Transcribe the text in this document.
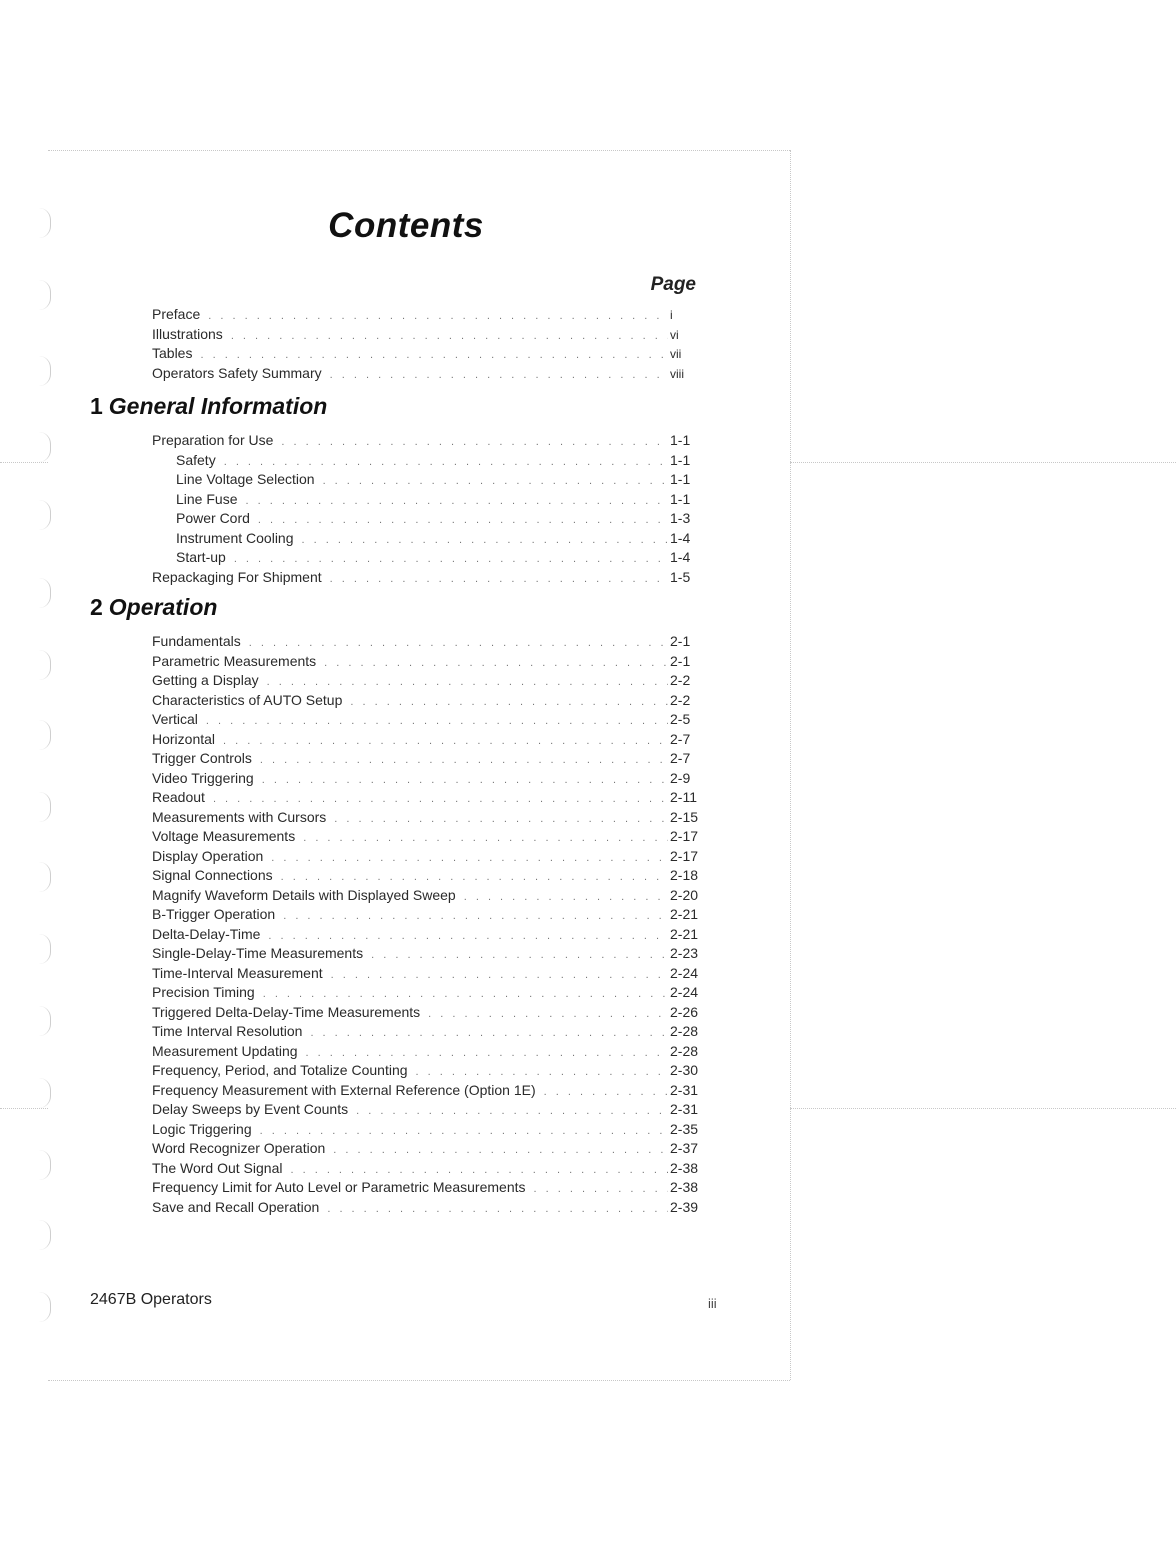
Contents
Page
Preface . . .	i
Illustrations . . .	vi
Tables . . .	vii
Operators Safety Summary . . .	viii
1 General Information
Preparation for Use . . .	1-1
Safety . . .	1-1
Line Voltage Selection . . .	1-1
Line Fuse . . .	1-1
Power Cord . . .	1-3
Instrument Cooling . . .	1-4
Start-up . . .	1-4
Repackaging For Shipment . . .	1-5
2 Operation
Fundamentals . . .	2-1
Parametric Measurements . . .	2-1
Getting a Display . . .	2-2
Characteristics of AUTO Setup . . .	2-2
Vertical . . .	2-5
Horizontal . . .	2-7
Trigger Controls . . .	2-7
Video Triggering . . .	2-9
Readout . . .	2-11
Measurements with Cursors . . .	2-15
Voltage Measurements . . .	2-17
Display Operation . . .	2-17
Signal Connections . . .	2-18
Magnify Waveform Details with Displayed Sweep . . .	2-20
B-Trigger Operation . . .	2-21
Delta-Delay-Time . . .	2-21
Single-Delay-Time Measurements . . .	2-23
Time-Interval Measurement . . .	2-24
Precision Timing . . .	2-24
Triggered Delta-Delay-Time Measurements . . .	2-26
Time Interval Resolution . . .	2-28
Measurement Updating . . .	2-28
Frequency, Period, and Totalize Counting . . .	2-30
Frequency Measurement with External Reference (Option 1E) . . .	2-31
Delay Sweeps by Event Counts . . .	2-31
Logic Triggering . . .	2-35
Word Recognizer Operation . . .	2-37
The Word Out Signal . . .	2-38
Frequency Limit for Auto Level or Parametric Measurements . . .	2-38
Save and Recall Operation . . .	2-39
2467B Operators	iii
